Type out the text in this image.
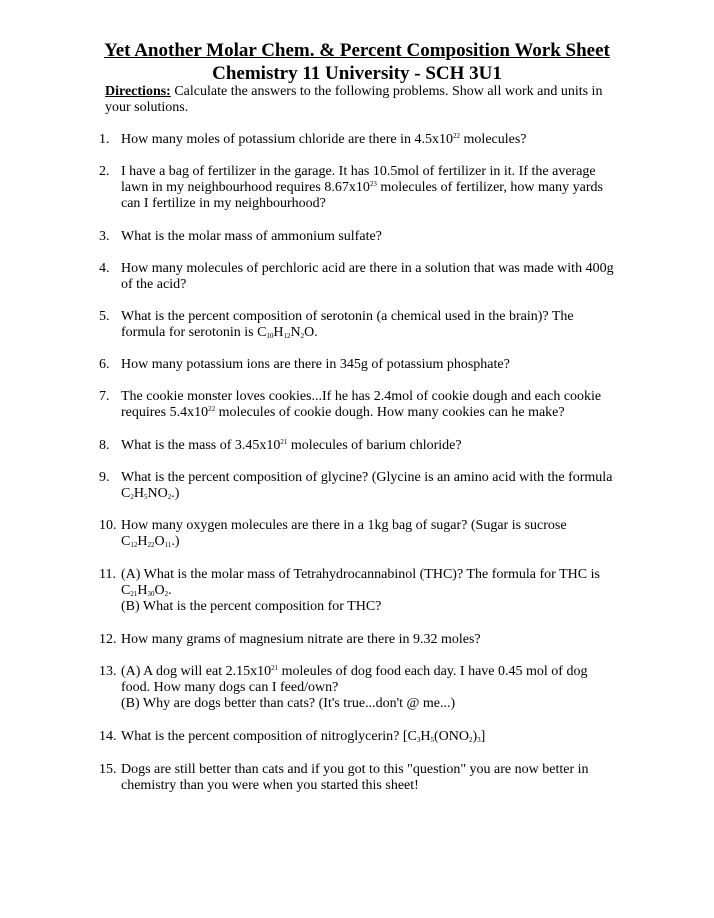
Yet Another Molar Chem. & Percent Composition Work Sheet
Chemistry 11 University - SCH 3U1
Directions: Calculate the answers to the following problems. Show all work and units in your solutions.
1. How many moles of potassium chloride are there in $4.5x10^{22}$ molecules?
2. I have a bag of fertilizer in the garage. It has 10.5mol of fertilizer in it. If the average lawn in my neighbourhood requires $8.67x10^{23}$ molecules of fertilizer, how many yards can I fertilize in my neighbourhood?
3. What is the molar mass of ammonium sulfate?
4. How many molecules of perchloric acid are there in a solution that was made with 400g of the acid?
5. What is the percent composition of serotonin (a chemical used in the brain)? The formula for serotonin is $C_{10}H_{12}N_2O$.
6. How many potassium ions are there in 345g of potassium phosphate?
7. The cookie monster loves cookies...If he has 2.4mol of cookie dough and each cookie requires $5.4x10^{22}$ molecules of cookie dough. How many cookies can he make?
8. What is the mass of $3.45x10^{21}$ molecules of barium chloride?
9. What is the percent composition of glycine? (Glycine is an amino acid with the formula $C_2H_5NO_2$.)
10. How many oxygen molecules are there in a 1kg bag of sugar? (Sugar is sucrose $C_{12}H_{22}O_{11}$.)
11. (A) What is the molar mass of Tetrahydrocannabinol (THC)? The formula for THC is $C_{21}H_{30}O_2$.
(B) What is the percent composition for THC?
12. How many grams of magnesium nitrate are there in 9.32 moles?
13. (A) A dog will eat $2.15x10^{21}$ moleules of dog food each day. I have 0.45 mol of dog food. How many dogs can I feed/own?
(B) Why are dogs better than cats? (It's true...don't @ me...)
14. What is the percent composition of nitroglycerin? $[C_3H_5(ONO_2)_3]$
15. Dogs are still better than cats and if you got to this "question" you are now better in chemistry than you were when you started this sheet!
